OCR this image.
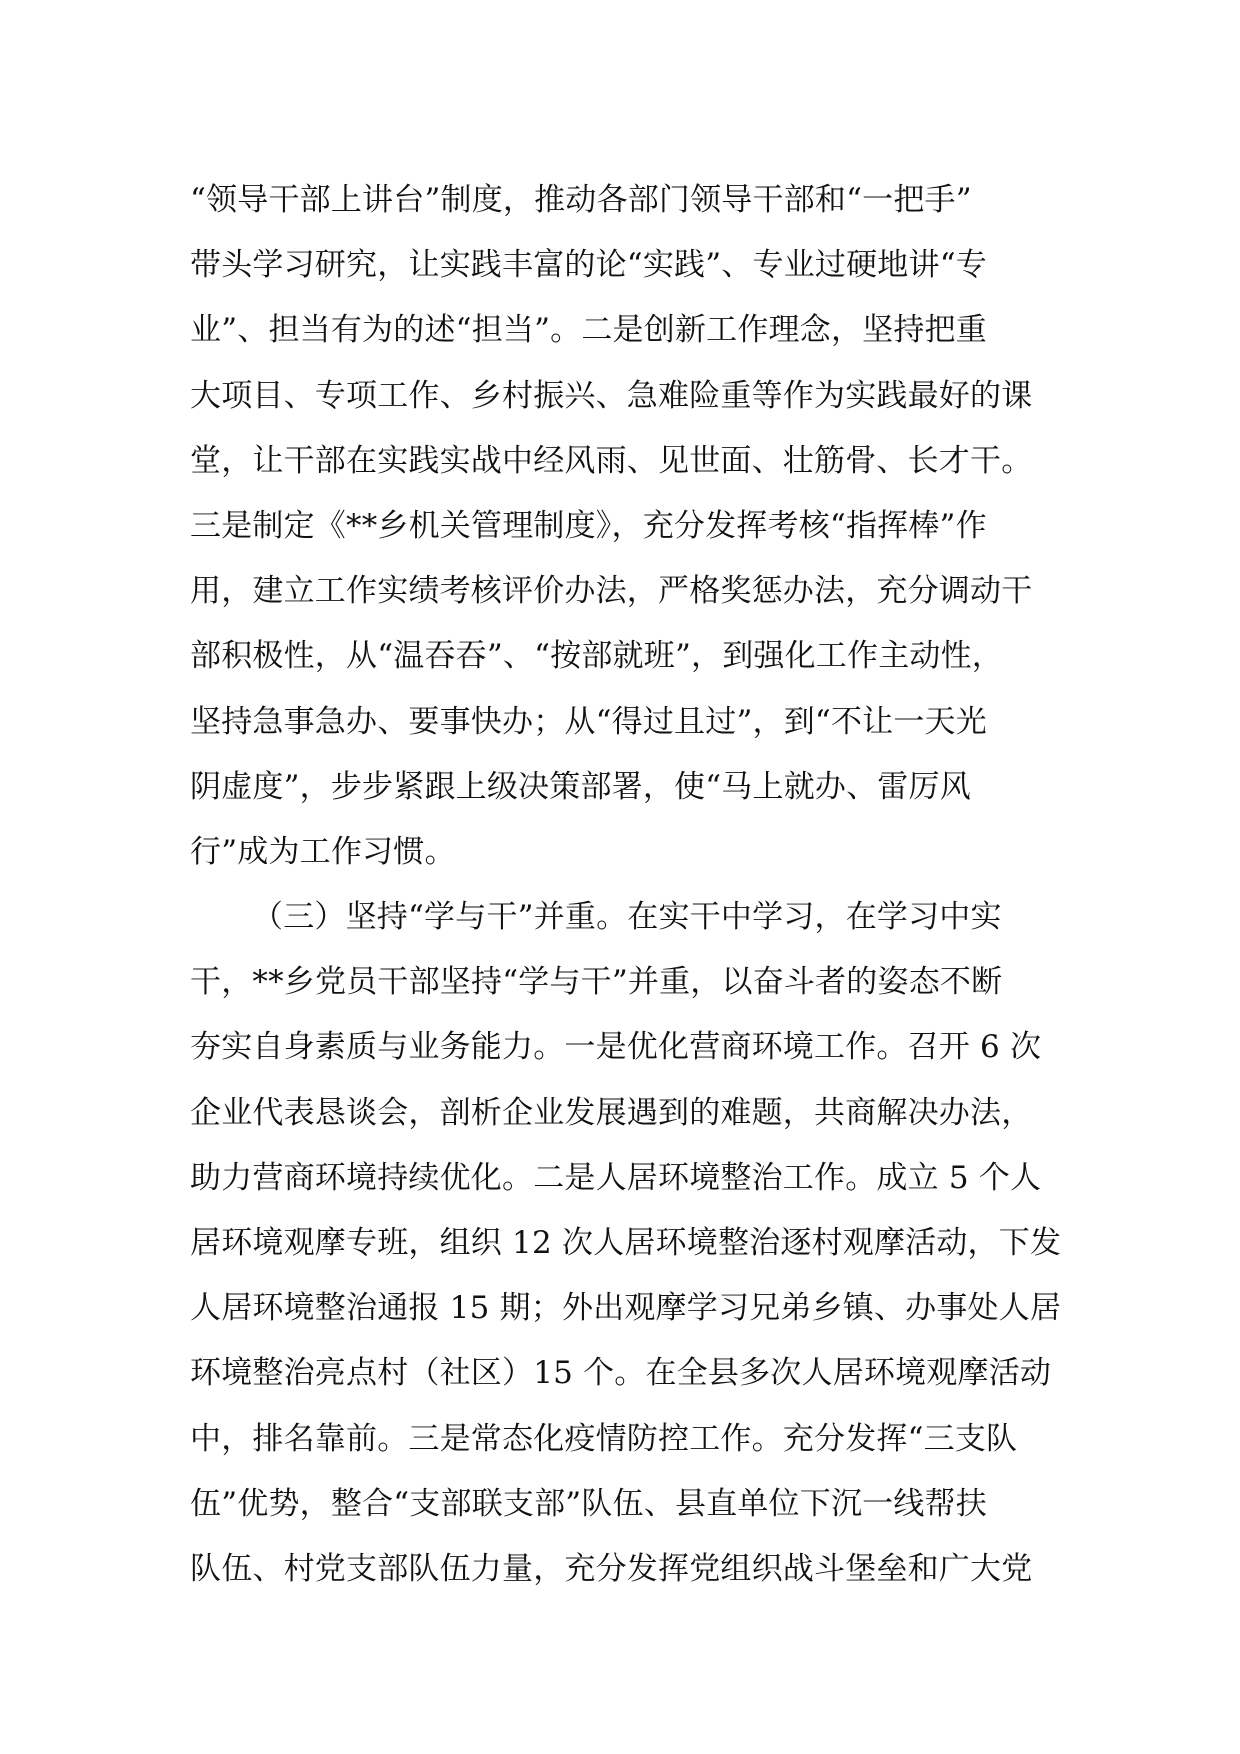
“领导干部上讲台”制度，推动各部门领导干部和“一把手”
带头学习研究，让实践丰富的论“实践”、专业过硬地讲“专
业”、担当有为的述“担当”。二是创新工作理念，坚持把重
大项目、专项工作、乡村振兴、急难险重等作为实践最好的课
堂，让干部在实践实战中经风雨、见世面、壮筋骨、长才干。
三是制定《**乡机关管理制度》，充分发挥考核“指挥棒”作
用，建立工作实绩考核评价办法，严格奖惩办法，充分调动干
部积极性，从“温吞吞”、“按部就班”，到强化工作主动性，
坚持急事急办、要事快办；从“得过且过”，到“不让一天光
阴虚度”，步步紧跟上级决策部署，使“马上就办、雷厉风
行”成为工作习惯。
（三）坚持“学与干”并重。在实干中学习，在学习中实
干，**乡党员干部坚持“学与干”并重，以奋斗者的姿态不断
夯实自身素质与业务能力。一是优化营商环境工作。召开 6 次
企业代表恳谈会，剖析企业发展遇到的难题，共商解决办法，
助力营商环境持续优化。二是人居环境整治工作。成立 5 个人
居环境观摩专班，组织 12 次人居环境整治逐村观摩活动，下发
人居环境整治通报 15 期；外出观摩学习兄弟乡镇、办事处人居
环境整治亮点村（社区）15 个。在全县多次人居环境观摩活动
中，排名靠前。三是常态化疫情防控工作。充分发挥“三支队
伍”优势，整合“支部联支部”队伍、县直单位下沉一线帮扶
队伍、村党支部队伍力量，充分发挥党组织战斗堡垒和广大党
